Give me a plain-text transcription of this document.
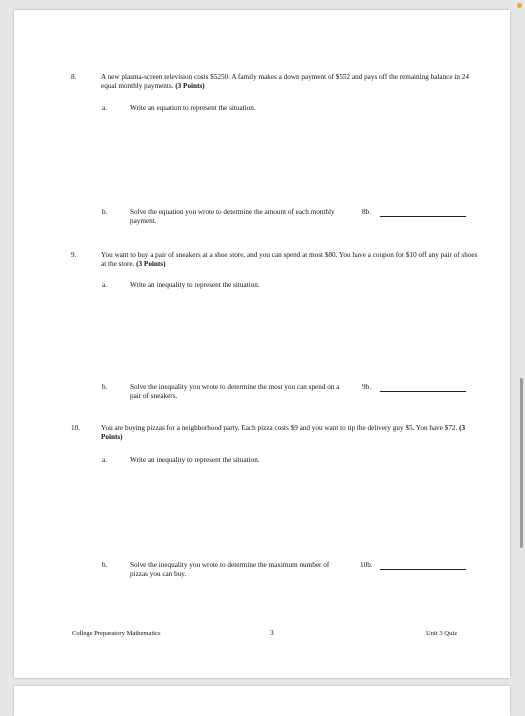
8.	A new plasma-screen television costs $5250. A family makes a down payment of $552 and pays off the remaining balance in 24 equal monthly payments. (3 Points)
a.	Write an equation to represent the situation.
b.	Solve the equation you wrote to determine the amount of each monthly payment.
8b.
9.	You want to buy a pair of sneakers at a shoe store, and you can spend at most $80. You have a coupon for $10 off any pair of shoes at the store. (3 Points)
a.	Write an inequality to represent the situation.
b.	Solve the inequality you wrote to determine the most you can spend on a pair of sneakers.
9b.
10.	You are buying pizzas for a neighborhood party. Each pizza costs $9 and you want to tip the delivery guy $5. You have $72. (3 Points)
a.	Write an inequality to represent the situation.
b.	Solve the inequality you wrote to determine the maximum number of pizzas you can buy.
10b.
College Preparatory Mathematics	3	Unit 3 Quiz
